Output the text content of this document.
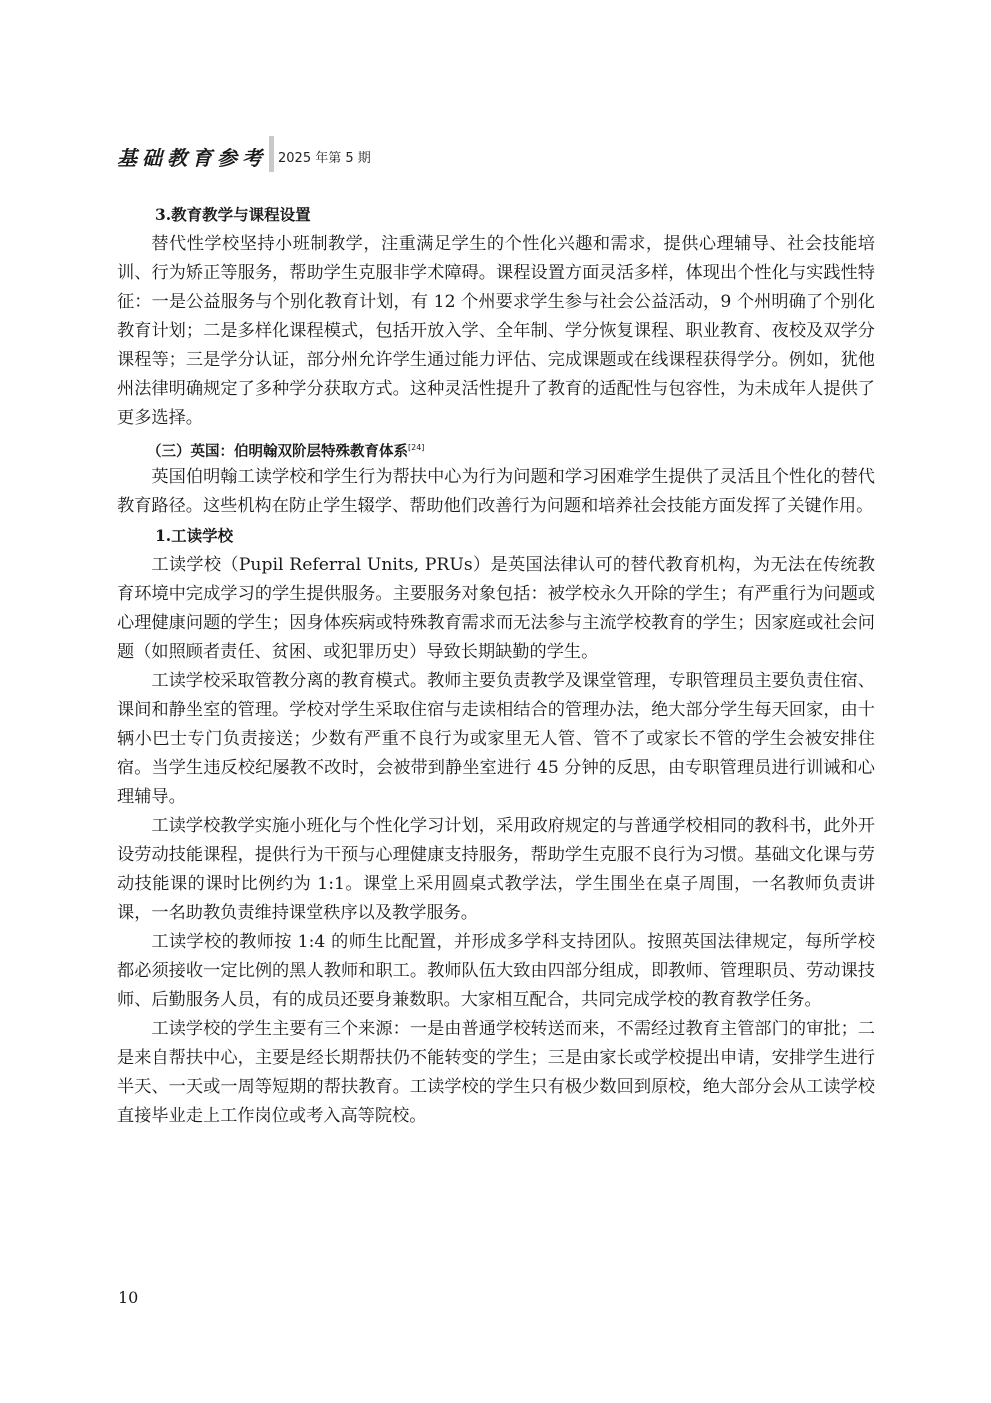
基础教育参考 2025 年第 5 期

3.教育教学与课程设置

替代性学校坚持小班制教学，注重满足学生的个性化兴趣和需求，提供心理辅导、社会技能培训、行为矫正等服务，帮助学生克服非学术障碍。课程设置方面灵活多样，体现出个性化与实践性特征：一是公益服务与个别化教育计划，有 12 个州要求学生参与社会公益活动，9 个州明确了个别化教育计划；二是多样化课程模式，包括开放入学、全年制、学分恢复课程、职业教育、夜校及双学分课程等；三是学分认证，部分州允许学生通过能力评估、完成课题或在线课程获得学分。例如，犹他州法律明确规定了多种学分获取方式。这种灵活性提升了教育的适配性与包容性，为未成年人提供了更多选择。

（三）英国：伯明翰双阶层特殊教育体系[24]

英国伯明翰工读学校和学生行为帮扶中心为行为问题和学习困难学生提供了灵活且个性化的替代教育路径。这些机构在防止学生辍学、帮助他们改善行为问题和培养社会技能方面发挥了关键作用。

1.工读学校

工读学校（Pupil Referral Units, PRUs）是英国法律认可的替代教育机构，为无法在传统教育环境中完成学习的学生提供服务。主要服务对象包括：被学校永久开除的学生；有严重行为问题或心理健康问题的学生；因身体疾病或特殊教育需求而无法参与主流学校教育的学生；因家庭或社会问题（如照顾者责任、贫困、或犯罪历史）导致长期缺勤的学生。

工读学校采取管教分离的教育模式。教师主要负责教学及课堂管理，专职管理员主要负责住宿、课间和静坐室的管理。学校对学生采取住宿与走读相结合的管理办法，绝大部分学生每天回家，由十辆小巴士专门负责接送；少数有严重不良行为或家里无人管、管不了或家长不管的学生会被安排住宿。当学生违反校纪屡教不改时，会被带到静坐室进行 45 分钟的反思，由专职管理员进行训诫和心理辅导。

工读学校教学实施小班化与个性化学习计划，采用政府规定的与普通学校相同的教科书，此外开设劳动技能课程，提供行为干预与心理健康支持服务，帮助学生克服不良行为习惯。基础文化课与劳动技能课的课时比例约为 1:1。课堂上采用圆桌式教学法，学生围坐在桌子周围，一名教师负责讲课，一名助教负责维持课堂秩序以及教学服务。

工读学校的教师按 1:4 的师生比配置，并形成多学科支持团队。按照英国法律规定，每所学校都必须接收一定比例的黑人教师和职工。教师队伍大致由四部分组成，即教师、管理职员、劳动课技师、后勤服务人员，有的成员还要身兼数职。大家相互配合，共同完成学校的教育教学任务。

工读学校的学生主要有三个来源：一是由普通学校转送而来，不需经过教育主管部门的审批；二是来自帮扶中心，主要是经长期帮扶仍不能转变的学生；三是由家长或学校提出申请，安排学生进行半天、一天或一周等短期的帮扶教育。工读学校的学生只有极少数回到原校，绝大部分会从工读学校直接毕业走上工作岗位或考入高等院校。

10
